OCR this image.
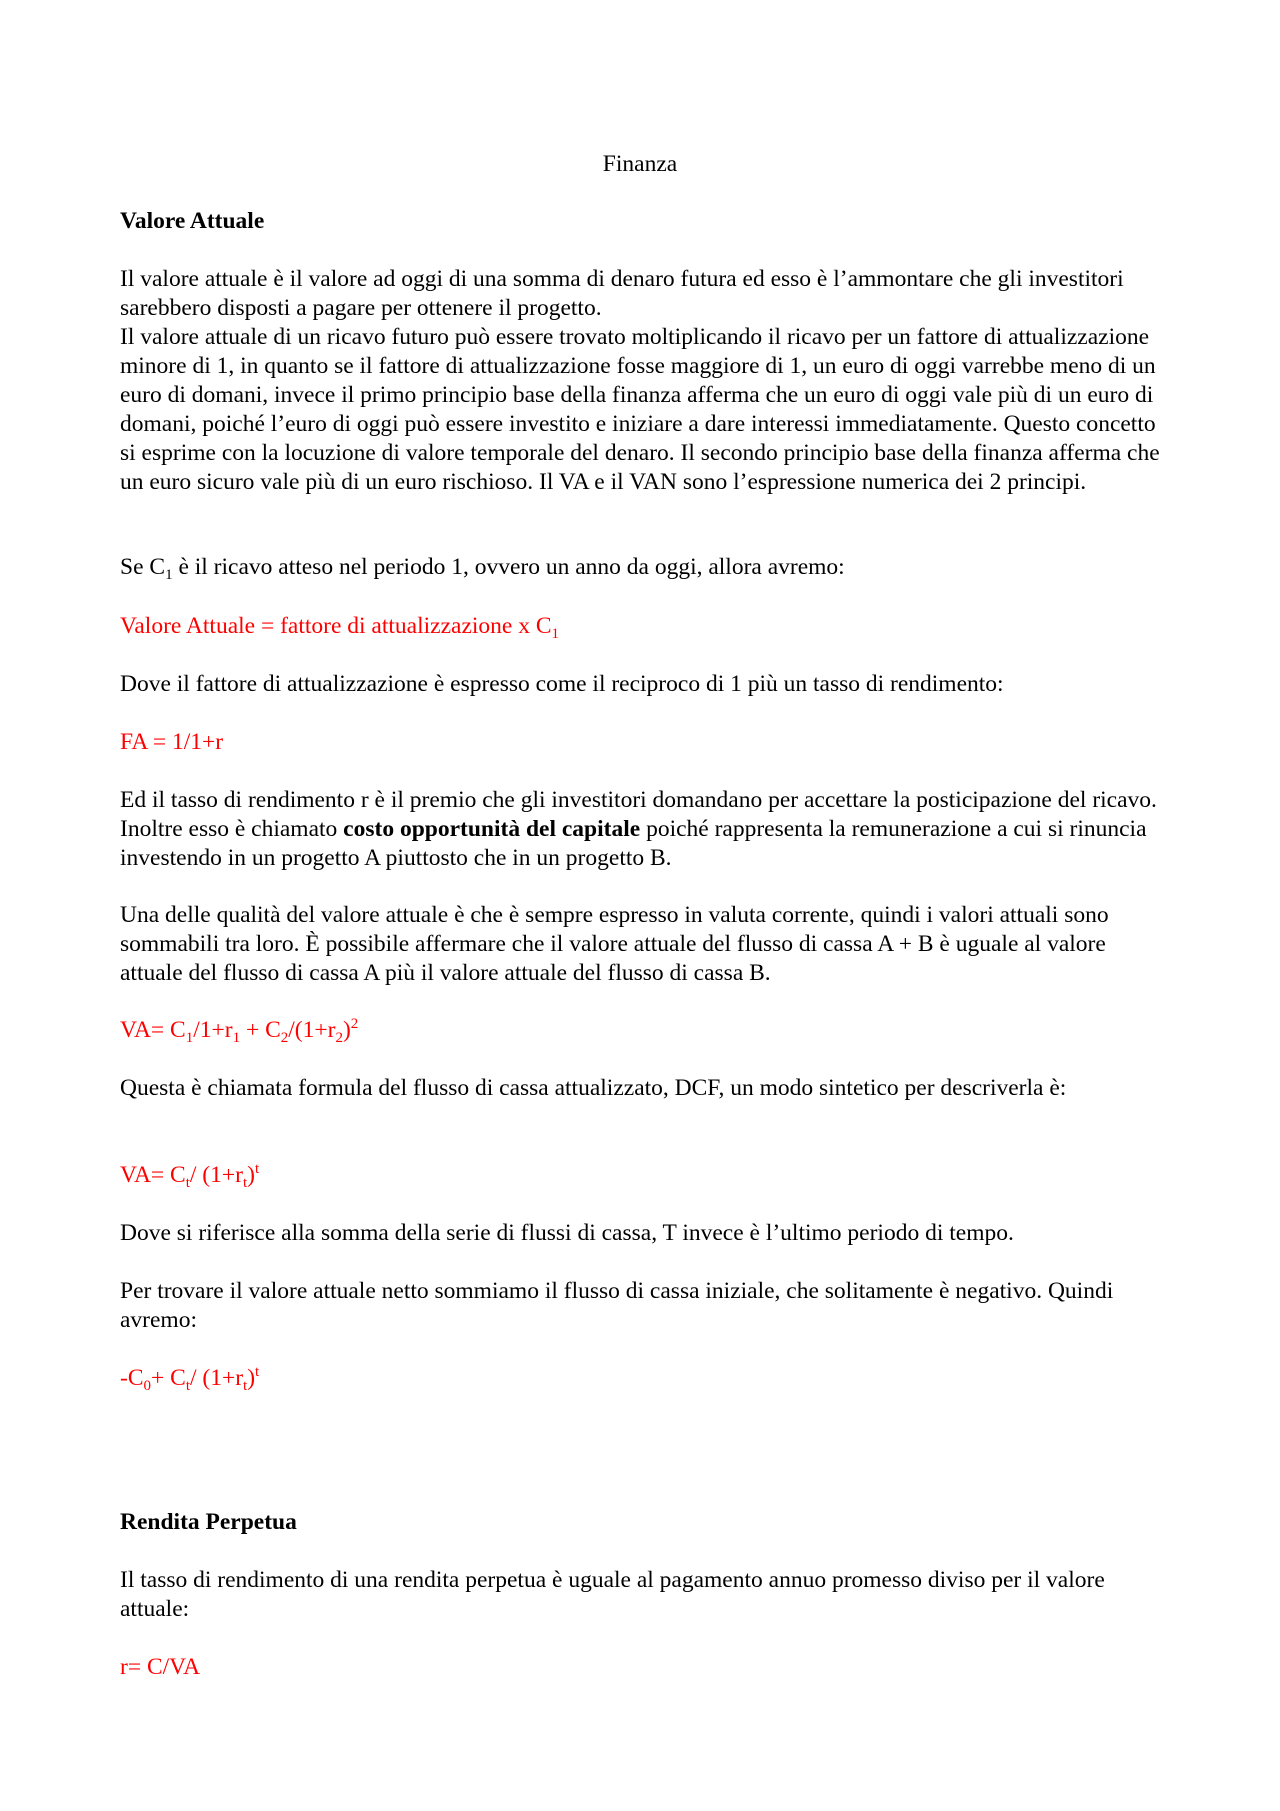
Finanza

Valore Attuale

Il valore attuale è il valore ad oggi di una somma di denaro futura ed esso è l’ammontare che gli investitori sarebbero disposti a pagare per ottenere il progetto.

Il valore attuale di un ricavo futuro può essere trovato moltiplicando il ricavo per un fattore di attualizzazione minore di 1, in quanto se il fattore di attualizzazione fosse maggiore di 1, un euro di oggi varrebbe meno di un euro di domani, invece il primo principio base della finanza afferma che un euro di oggi vale più di un euro di domani, poiché l’euro di oggi può essere investito e iniziare a dare interessi immediatamente. Questo concetto si esprime con la locuzione di valore temporale del denaro. Il secondo principio base della finanza afferma che un euro sicuro vale più di un euro rischioso. Il VA e il VAN sono l’espressione numerica dei 2 principi.

Se $C_1$ è il ricavo atteso nel periodo 1, ovvero un anno da oggi, allora avremo:

Valore Attuale = fattore di attualizzazione x $C_1$

Dove il fattore di attualizzazione è espresso come il reciproco di 1 più un tasso di rendimento:

FA = 1/1+r

Ed il tasso di rendimento r è il premio che gli investitori domandano per accettare la posticipazione del ricavo. Inoltre esso è chiamato costo opportunità del capitale poiché rappresenta la remunerazione a cui si rinuncia investendo in un progetto A piuttosto che in un progetto B.

Una delle qualità del valore attuale è che è sempre espresso in valuta corrente, quindi i valori attuali sono sommabili tra loro. È possibile affermare che il valore attuale del flusso di cassa A + B è uguale al valore attuale del flusso di cassa A più il valore attuale del flusso di cassa B.

$VA= C_1/1+r_1 + C_2/(1+r_2)^2$

Questa è chiamata formula del flusso di cassa attualizzato, DCF, un modo sintetico per descriverla è:

$VA= C_t/$ $(1+r_t)^t$

Dove si riferisce alla somma della serie di flussi di cassa, T invece è l’ultimo periodo di tempo.

Per trovare il valore attuale netto sommiamo il flusso di cassa iniziale, che solitamente è negativo. Quindi avremo:

$-C_0+ C_t/$ $(1+r_t)^t$

Rendita Perpetua

Il tasso di rendimento di una rendita perpetua è uguale al pagamento annuo promesso diviso per il valore attuale:

r= C/VA
